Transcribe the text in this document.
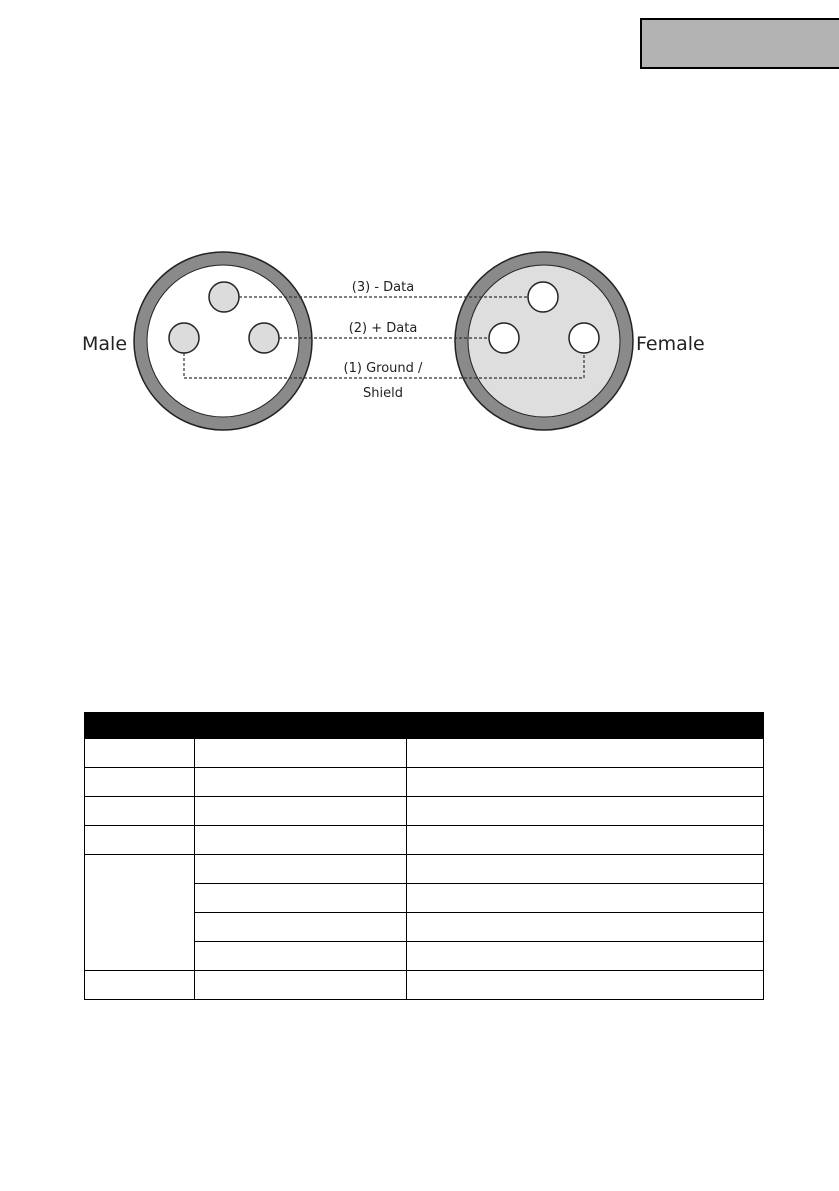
Male	Female
(3) - Data
(2) + Data
(1) Ground /
Shield
